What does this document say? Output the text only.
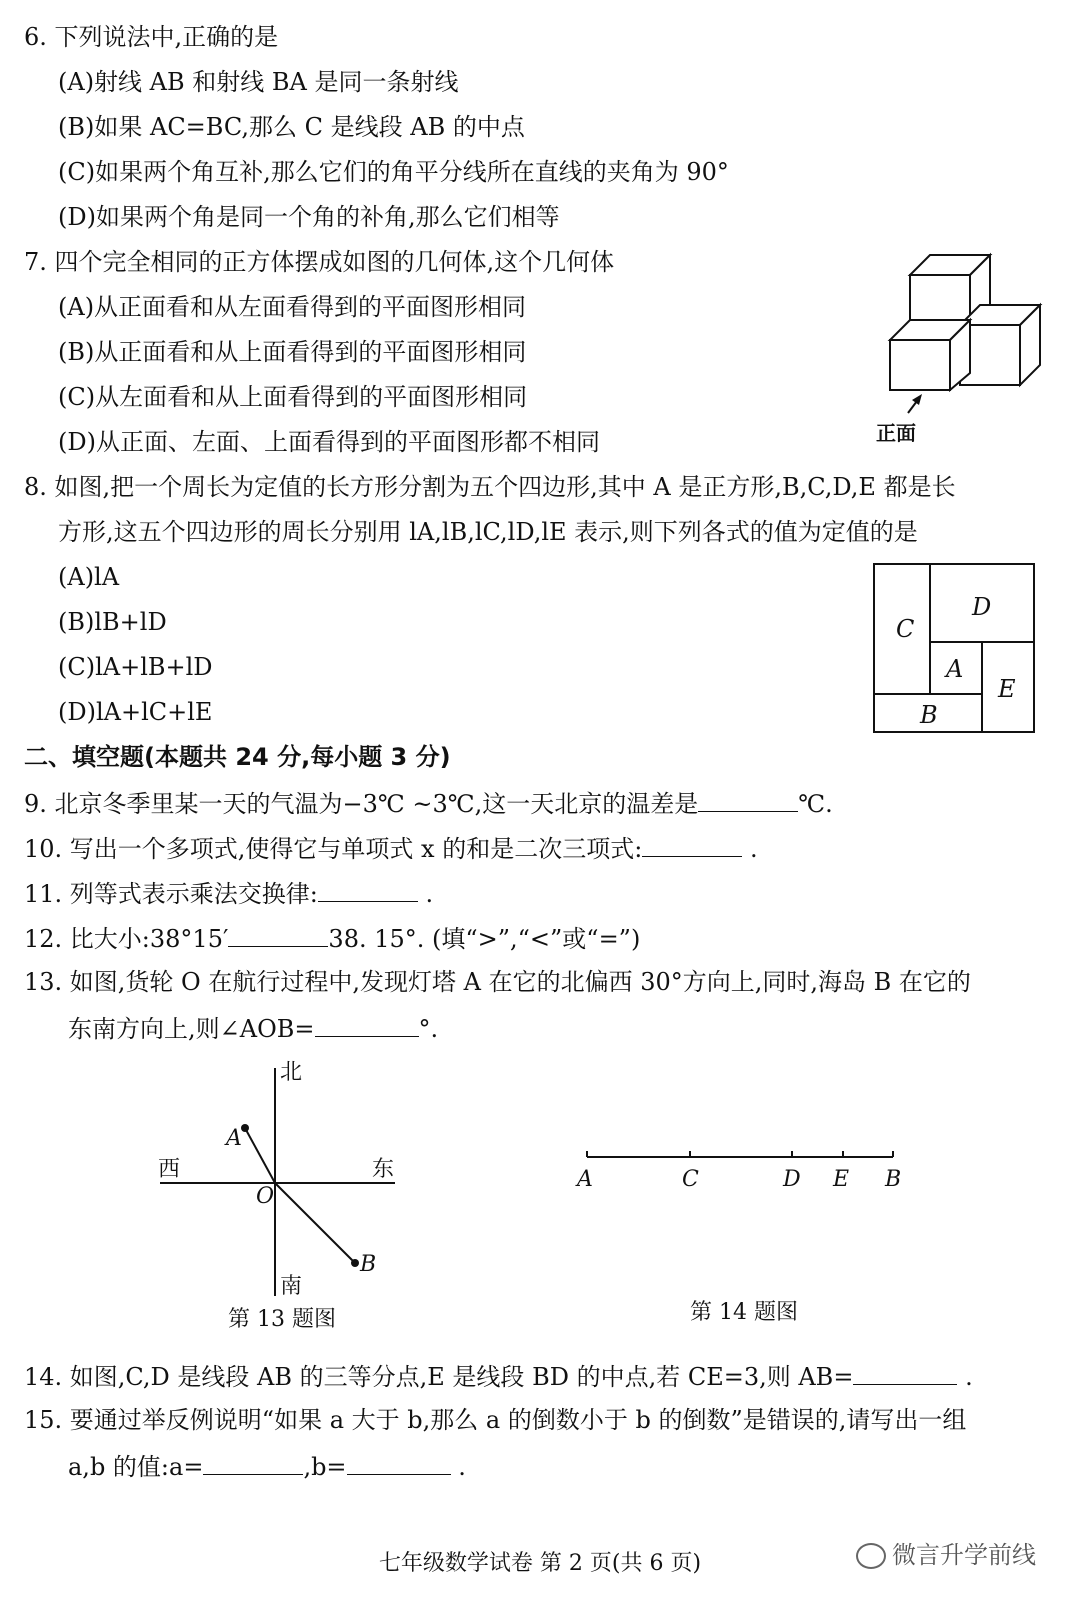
6. 下列说法中,正确的是
(A)射线 AB 和射线 BA 是同一条射线
(B)如果 AC=BC,那么 C 是线段 AB 的中点
(C)如果两个角互补,那么它们的角平分线所在直线的夹角为 90°
(D)如果两个角是同一个角的补角,那么它们相等
7. 四个完全相同的正方体摆成如图的几何体,这个几何体
(A)从正面看和从左面看得到的平面图形相同
(B)从正面看和从上面看得到的平面图形相同
(C)从左面看和从上面看得到的平面图形相同
(D)从正面、左面、上面看得到的平面图形都不相同	正面
8. 如图,把一个周长为定值的长方形分割为五个四边形,其中 A 是正方形,B,C,D,E 都是长
方形,这五个四边形的周长分别用 lA,lB,lC,lD,lE 表示,则下列各式的值为定值的是
(A)lA
(B)lB+lD
(C)lA+lB+lD
(D)lA+lC+lE
C
D
A
E
B
二、填空题(本题共 24 分,每小题 3 分)
9. 北京冬季里某一天的气温为−3℃ ~3℃,这一天北京的温差是	℃.
10. 写出一个多项式,使得它与单项式 x 的和是二次三项式:	.
11. 列等式表示乘法交换律:	.
12. 比大小:38°15′	38. 15°. (填“>”,“<”或“=”)
13. 如图,货轮 O 在航行过程中,发现灯塔 A 在它的北偏西 30°方向上,同时,海岛 B 在它的
东南方向上,则∠AOB=	°.
北
南
西	东
O
A
B
第 13 题图
A	C	D E B
第 14 题图
14. 如图,C,D 是线段 AB 的三等分点,E 是线段 BD 的中点,若 CE=3,则 AB=	.
15. 要通过举反例说明“如果 a 大于 b,那么 a 的倒数小于 b 的倒数”是错误的,请写出一组
a,b 的值:a=	,b=	.
七年级数学试卷 第 2 页(共 6 页)	微言升学前线
